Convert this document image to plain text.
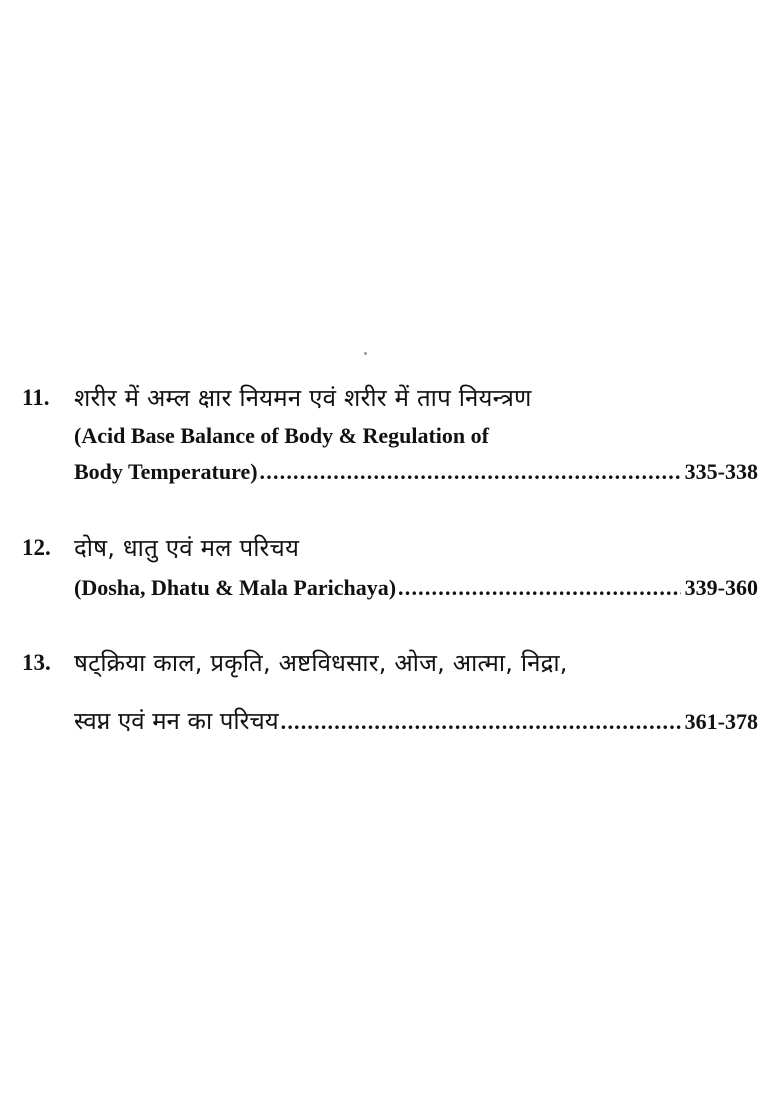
11. शरीर में अम्ल क्षार नियमन एवं शरीर में ताप नियन्त्रण
(Acid Base Balance of Body & Regulation of
Body Temperature) .....	335-338
12. दोष, धातु एवं मल परिचय
(Dosha, Dhatu & Mala Parichaya) .....	339-360
13. षट्क्रिया काल, प्रकृति, अष्टविधसार, ओज, आत्मा, निद्रा,
स्वप्न एवं मन का परिचय .....	361-378
